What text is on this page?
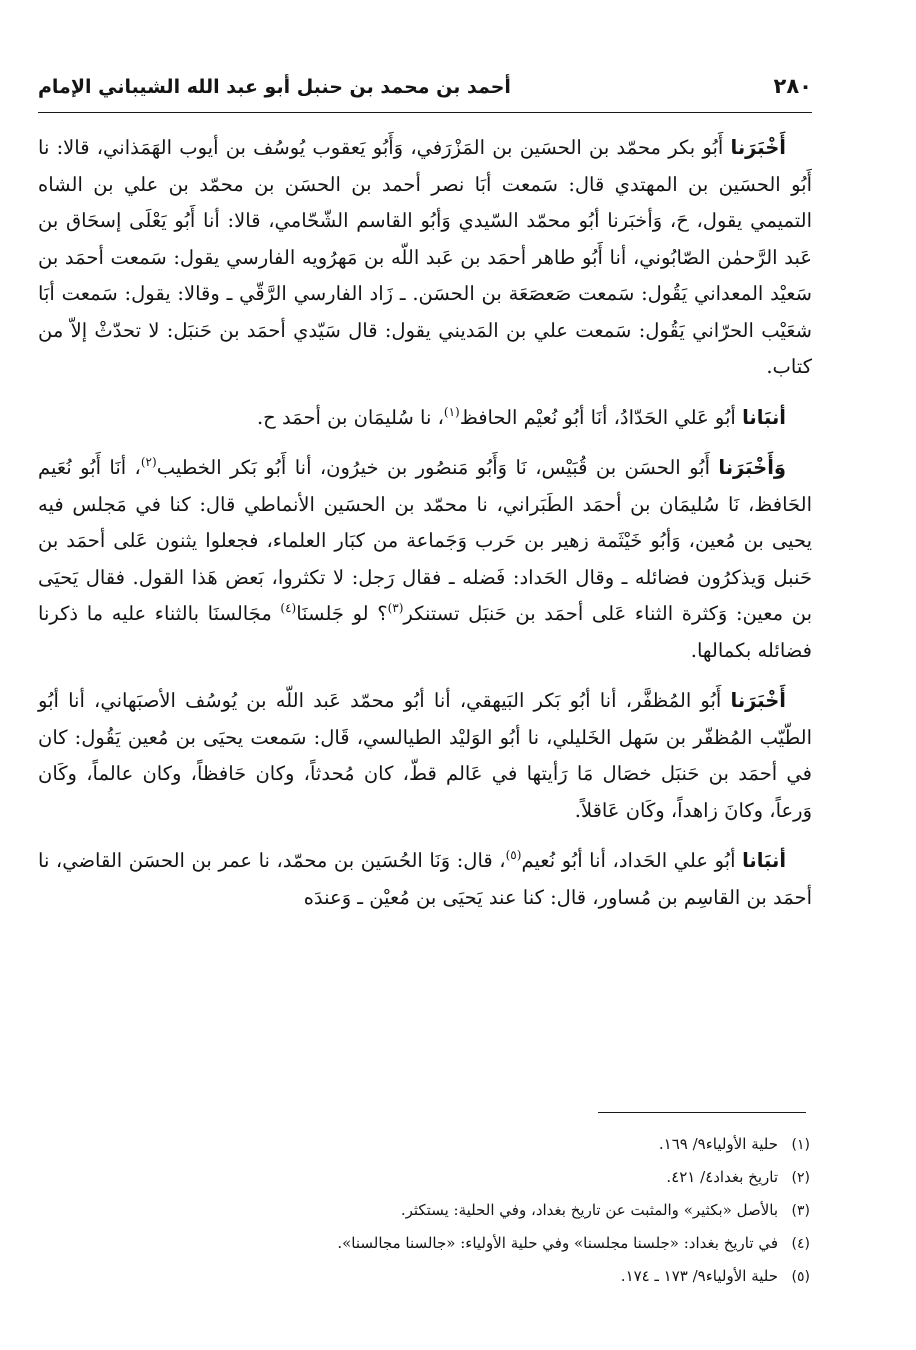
٢٨٠
أحمد بن محمد بن حنبل أبو عبد الله الشيباني الإمام

أَخْبَرَنا أَبُو بكر محمّد بن الحسَين بن المَزْرَفي، وَأَبُو يَعقوب يُوسُف بن أيوب الهَمَذاني، قالا: نا أَبُو الحسَين بن المهتدي قال: سَمعت أبَا نصر أحمد بن الحسَن بن محمّد بن علي بن الشاه التميمي يقول، حَ، وَأخبَرنا أبُو محمّد السّيدي وَأبُو القاسم الشّحّامي، قالا: أنا أَبُو يَعْلَى إسحَاق بن عَبد الرَّحمٰن الصّابُوني، أنا أَبُو طاهر أحمَد بن عَبد اللّه بن مَهرُويه الفارسي يقول: سَمعت أحمَد بن سَعيْد المعداني يَقُول: سَمعت صَعصَعَة بن الحسَن. ـ زَاد الفارسي الرَّقّي ـ وقالا: يقول: سَمعت أبَا شعَيْب الحرّاني يَقُول: سَمعت علي بن المَديني يقول: قال سَيّدي أحمَد بن حَنبَل: لا تحدّثْ إلاّ من كتاب.

أنبَانا أبُو عَلي الحَدّادُ، أنَا أبُو نُعيْم الحافظ$^{(١)}$، نا سُليمَان بن أحمَد ح.

وَأَخْبَرَنا أَبُو الحسَن بن قُبَيْس، نَا وَأَبُو مَنصُور بن خيرُون، أنا أَبُو بَكر الخطيب$^{(٢)}$، أنَا أَبُو نُعَيم الحَافظ، نَا سُليمَان بن أحمَد الطَبَراني، نا محمّد بن الحسَين الأنماطي قال: كنا في مَجلس فيه يحيى بن مُعين، وَأبُو خَيْثَمة زهير بن حَرب وَجَماعة من كبَار العلماء، فجعلوا يثنون عَلى أحمَد بن حَنبل وَيذكرُون فضائله ـ وقال الحَداد: فَضله ـ فقال رَجل: لا تكثروا، بَعض هَذا القول. فقال يَحيَى بن معين: وَكثرة الثناء عَلى أحمَد بن حَنبَل تستنكر$^{(٣)}$؟ لو جَلسنَا$^{(٤)}$ مجَالسنَا بالثناء عليه ما ذكرنا فضائله بكمالها.

أَخْبَرَنا أَبُو المُظفَّر، أنا أبُو بَكر البَيهقي، أنا أبُو محمّد عَبد اللّه بن يُوسُف الأصبَهاني، أنا أبُو الطّيّب المُظفّر بن سَهل الخَليلي، نا أبُو الوَليْد الطيالسي، قَال: سَمعت يحيَى بن مُعين يَقُول: كان في أحمَد بن حَنبَل خصَال مَا رَأيتها في عَالم قطّ، كان مُحدثاً، وكان حَافظاً، وكان عالماً، وكَان وَرعاً، وكانَ زاهداً، وكَان عَاقلاً.

أنبَانا أبُو علي الحَداد، أنا أبُو نُعيم$^{(٥)}$، قال: وَنَا الحُسَين بن محمّد، نا عمر بن الحسَن القاضي، نا أحمَد بن القاسِم بن مُساور، قال: كنا عند يَحيَى بن مُعيْن ـ وَعندَه

(١)حلية الأولياء٩/ ١٦٩.
(٢)تاريخ بغداد٤/ ٤٢١.
(٣)بالأصل «بكثير» والمثبت عن تاريخ بغداد، وفي الحلية: يستكثر.
(٤)في تاريخ بغداد: «جلسنا مجلسنا» وفي حلية الأولياء: «جالسنا مجالسنا».
(٥)حلية الأولياء٩/ ١٧٣ ـ ١٧٤.
